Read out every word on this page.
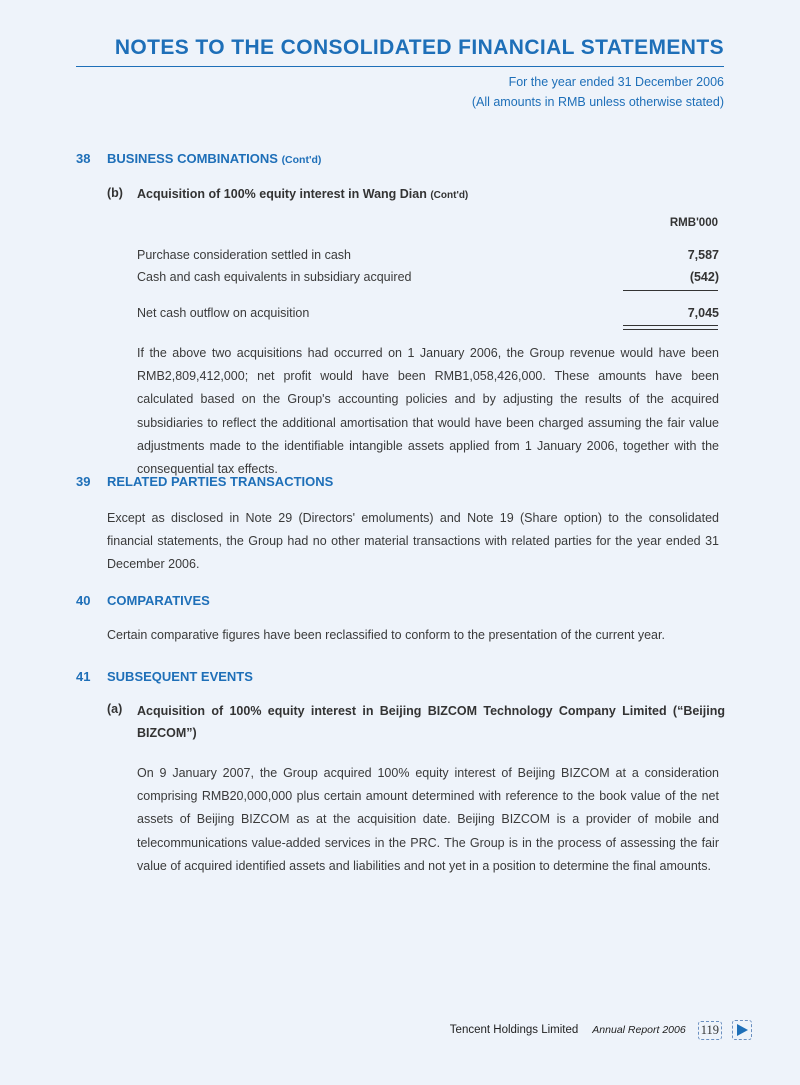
NOTES TO THE CONSOLIDATED FINANCIAL STATEMENTS
For the year ended 31 December 2006
(All amounts in RMB unless otherwise stated)
38 BUSINESS COMBINATIONS (Cont'd)
(b) Acquisition of 100% equity interest in Wang Dian (Cont'd)
RMB'000
Purchase consideration settled in cash	7,587
Cash and cash equivalents in subsidiary acquired	(542)
Net cash outflow on acquisition	7,045

If the above two acquisitions had occurred on 1 January 2006, the Group revenue would have been RMB2,809,412,000; net profit would have been RMB1,058,426,000. These amounts have been calculated based on the Group's accounting policies and by adjusting the results of the acquired subsidiaries to reflect the additional amortisation that would have been charged assuming the fair value adjustments made to the identifiable intangible assets applied from 1 January 2006, together with the consequential tax effects.

39 RELATED PARTIES TRANSACTIONS

Except as disclosed in Note 29 (Directors' emoluments) and Note 19 (Share option) to the consolidated financial statements, the Group had no other material transactions with related parties for the year ended 31 December 2006.

40 COMPARATIVES

Certain comparative figures have been reclassified to conform to the presentation of the current year.

41 SUBSEQUENT EVENTS
(a) Acquisition of 100% equity interest in Beijing BIZCOM Technology Company Limited (“Beijing BIZCOM”)

On 9 January 2007, the Group acquired 100% equity interest of Beijing BIZCOM at a consideration comprising RMB20,000,000 plus certain amount determined with reference to the book value of the net assets of Beijing BIZCOM as at the acquisition date. Beijing BIZCOM is a provider of mobile and telecommunications value-added services in the PRC. The Group is in the process of assessing the fair value of acquired identified assets and liabilities and not yet in a position to determine the final amounts.

Tencent Holdings Limited Annual Report 2006 119
